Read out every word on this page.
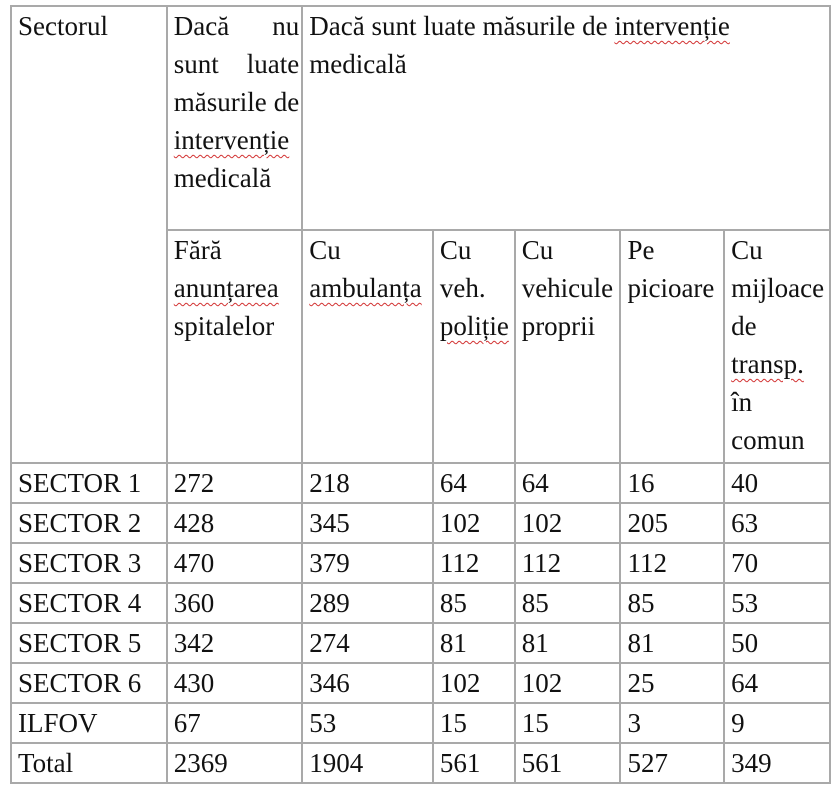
Sectorul	Dacă nu sunt luate măsurile de intervenție medicală	Dacă sunt luate măsurile de intervenție medicală				
	Fără anunțarea spitalelor	Cu ambulanța	Cu veh. poliție	Cu vehicule proprii	Pe picioare	Cu mijloace de transp. în comun
SECTOR 1	272	218	64	64	16	40
SECTOR 2	428	345	102	102	205	63
SECTOR 3	470	379	112	112	112	70
SECTOR 4	360	289	85	85	85	53
SECTOR 5	342	274	81	81	81	50
SECTOR 6	430	346	102	102	25	64
ILFOV	67	53	15	15	3	9
Total	2369	1904	561	561	527	349
